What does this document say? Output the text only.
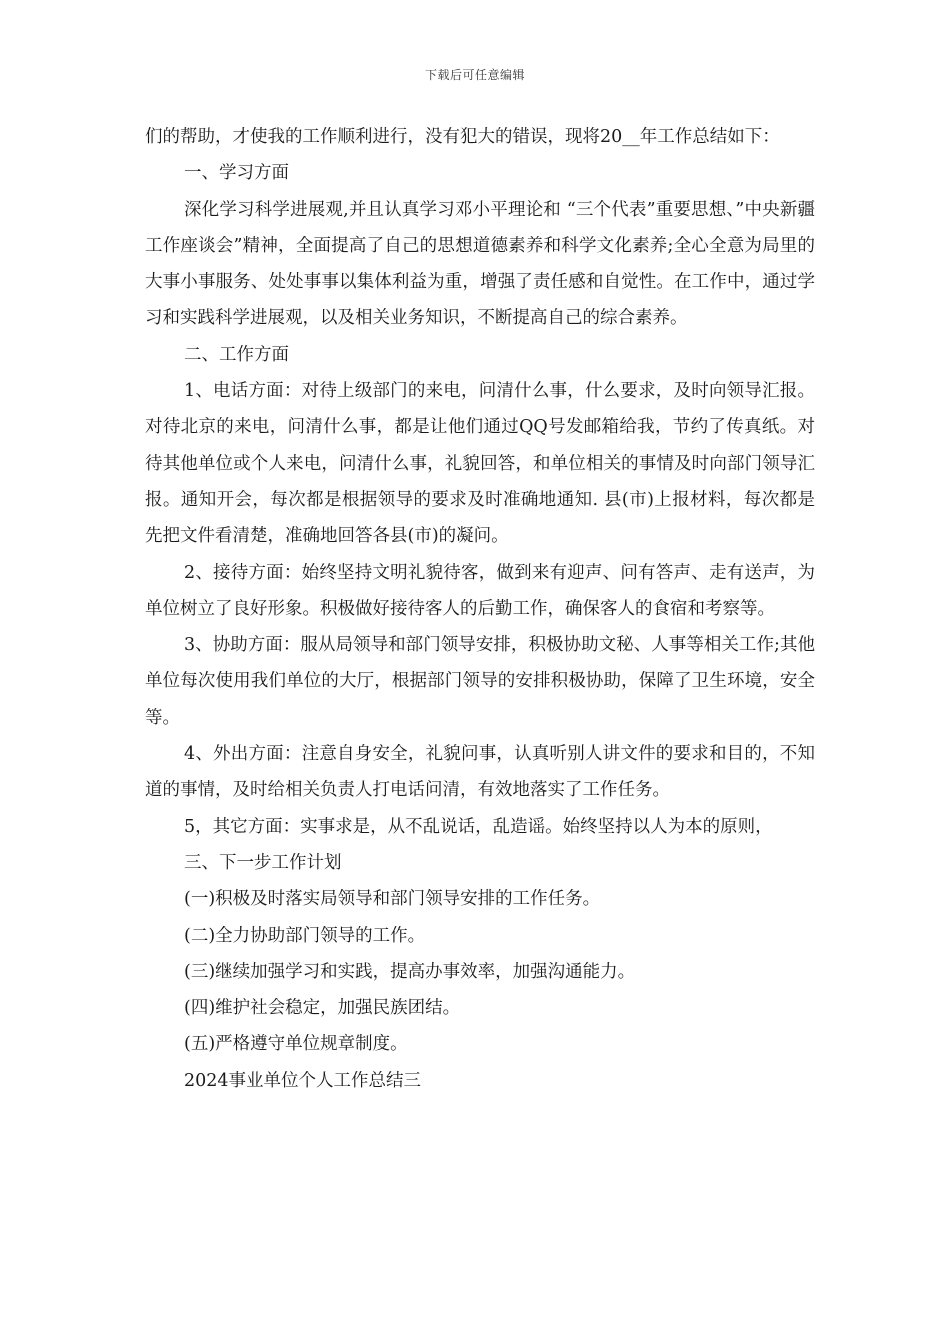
下载后可任意编辑

们的帮助，才使我的工作顺利进行，没有犯大的错误，现将20__年工作总结如下：

一、学习方面

深化学习科学进展观,并且认真学习邓小平理论和 “三个代表”重要思想、”中央新疆工作座谈会”精神，全面提高了自己的思想道德素养和科学文化素养;全心全意为局里的大事小事服务、处处事事以集体利益为重，增强了责任感和自觉性。在工作中，通过学习和实践科学进展观，以及相关业务知识，不断提高自己的综合素养。

二、工作方面

1、电话方面：对待上级部门的来电，问清什么事，什么要求，及时向领导汇报。对待北京的来电，问清什么事，都是让他们通过QQ号发邮箱给我，节约了传真纸。对待其他单位或个人来电，问清什么事，礼貌回答，和单位相关的事情及时向部门领导汇报。通知开会，每次都是根据领导的要求及时准确地通知. 县(市)上报材料，每次都是先把文件看清楚，准确地回答各县(市)的凝问。

2、接待方面：始终坚持文明礼貌待客，做到来有迎声、问有答声、走有送声，为单位树立了良好形象。积极做好接待客人的后勤工作，确保客人的食宿和考察等。

3、协助方面：服从局领导和部门领导安排，积极协助文秘、人事等相关工作;其他单位每次使用我们单位的大厅，根据部门领导的安排积极协助，保障了卫生环境，安全等。

4、外出方面：注意自身安全，礼貌问事，认真听别人讲文件的要求和目的，不知道的事情，及时给相关负责人打电话问清，有效地落实了工作任务。

5，其它方面：实事求是，从不乱说话，乱造谣。始终坚持以人为本的原则，

三、下一步工作计划

(一)积极及时落实局领导和部门领导安排的工作任务。

(二)全力协助部门领导的工作。

(三)继续加强学习和实践，提高办事效率，加强沟通能力。

(四)维护社会稳定，加强民族团结。

(五)严格遵守单位规章制度。

2024事业单位个人工作总结三
